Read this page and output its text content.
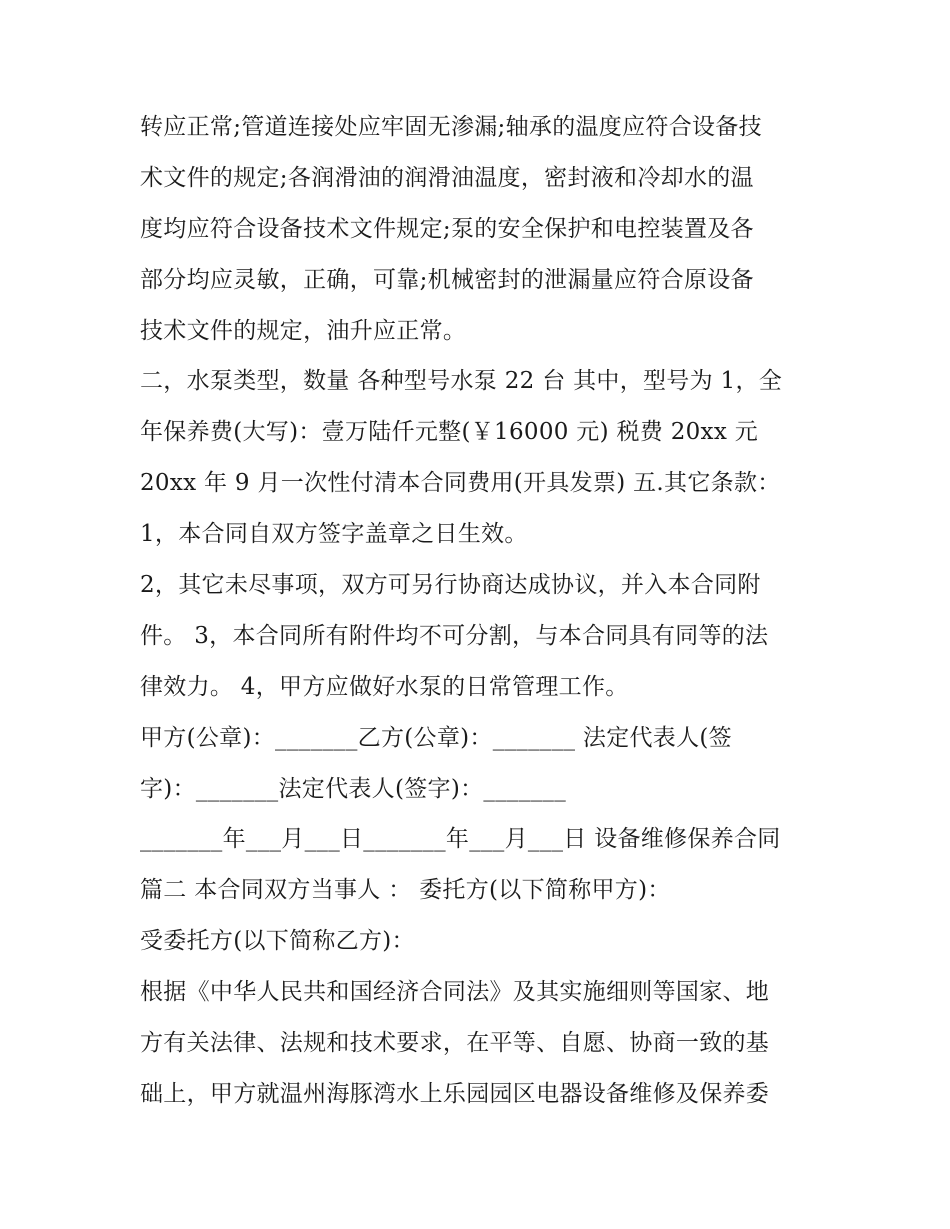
转应正常;管道连接处应牢固无渗漏;轴承的温度应符合设备技
术文件的规定;各润滑油的润滑油温度，密封液和冷却水的温
度均应符合设备技术文件规定;泵的安全保护和电控装置及各
部分均应灵敏，正确，可靠;机械密封的泄漏量应符合原设备
技术文件的规定，油升应正常。
二，水泵类型，数量 各种型号水泵 22 台 其中，型号为 1，全
年保养费(大写)：壹万陆仟元整(￥16000 元) 税费 20xx 元
20xx 年 9 月一次性付清本合同费用(开具发票) 五.其它条款：
1，本合同自双方签字盖章之日生效。
2，其它未尽事项，双方可另行协商达成协议，并入本合同附
件。 3，本合同所有附件均不可分割，与本合同具有同等的法
律效力。 4，甲方应做好水泵的日常管理工作。
甲方(公章)：_______乙方(公章)：_______ 法定代表人(签
字)：_______法定代表人(签字)：_______
_______年___月___日_______年___月___日 设备维修保养合同
篇二 本合同双方当事人 ： 委托方(以下简称甲方)：
受委托方(以下简称乙方)：
根据《中华人民共和国经济合同法》及其实施细则等国家、地
方有关法律、法规和技术要求，在平等、自愿、协商一致的基
础上，甲方就温州海豚湾水上乐园园区电器设备维修及保养委
